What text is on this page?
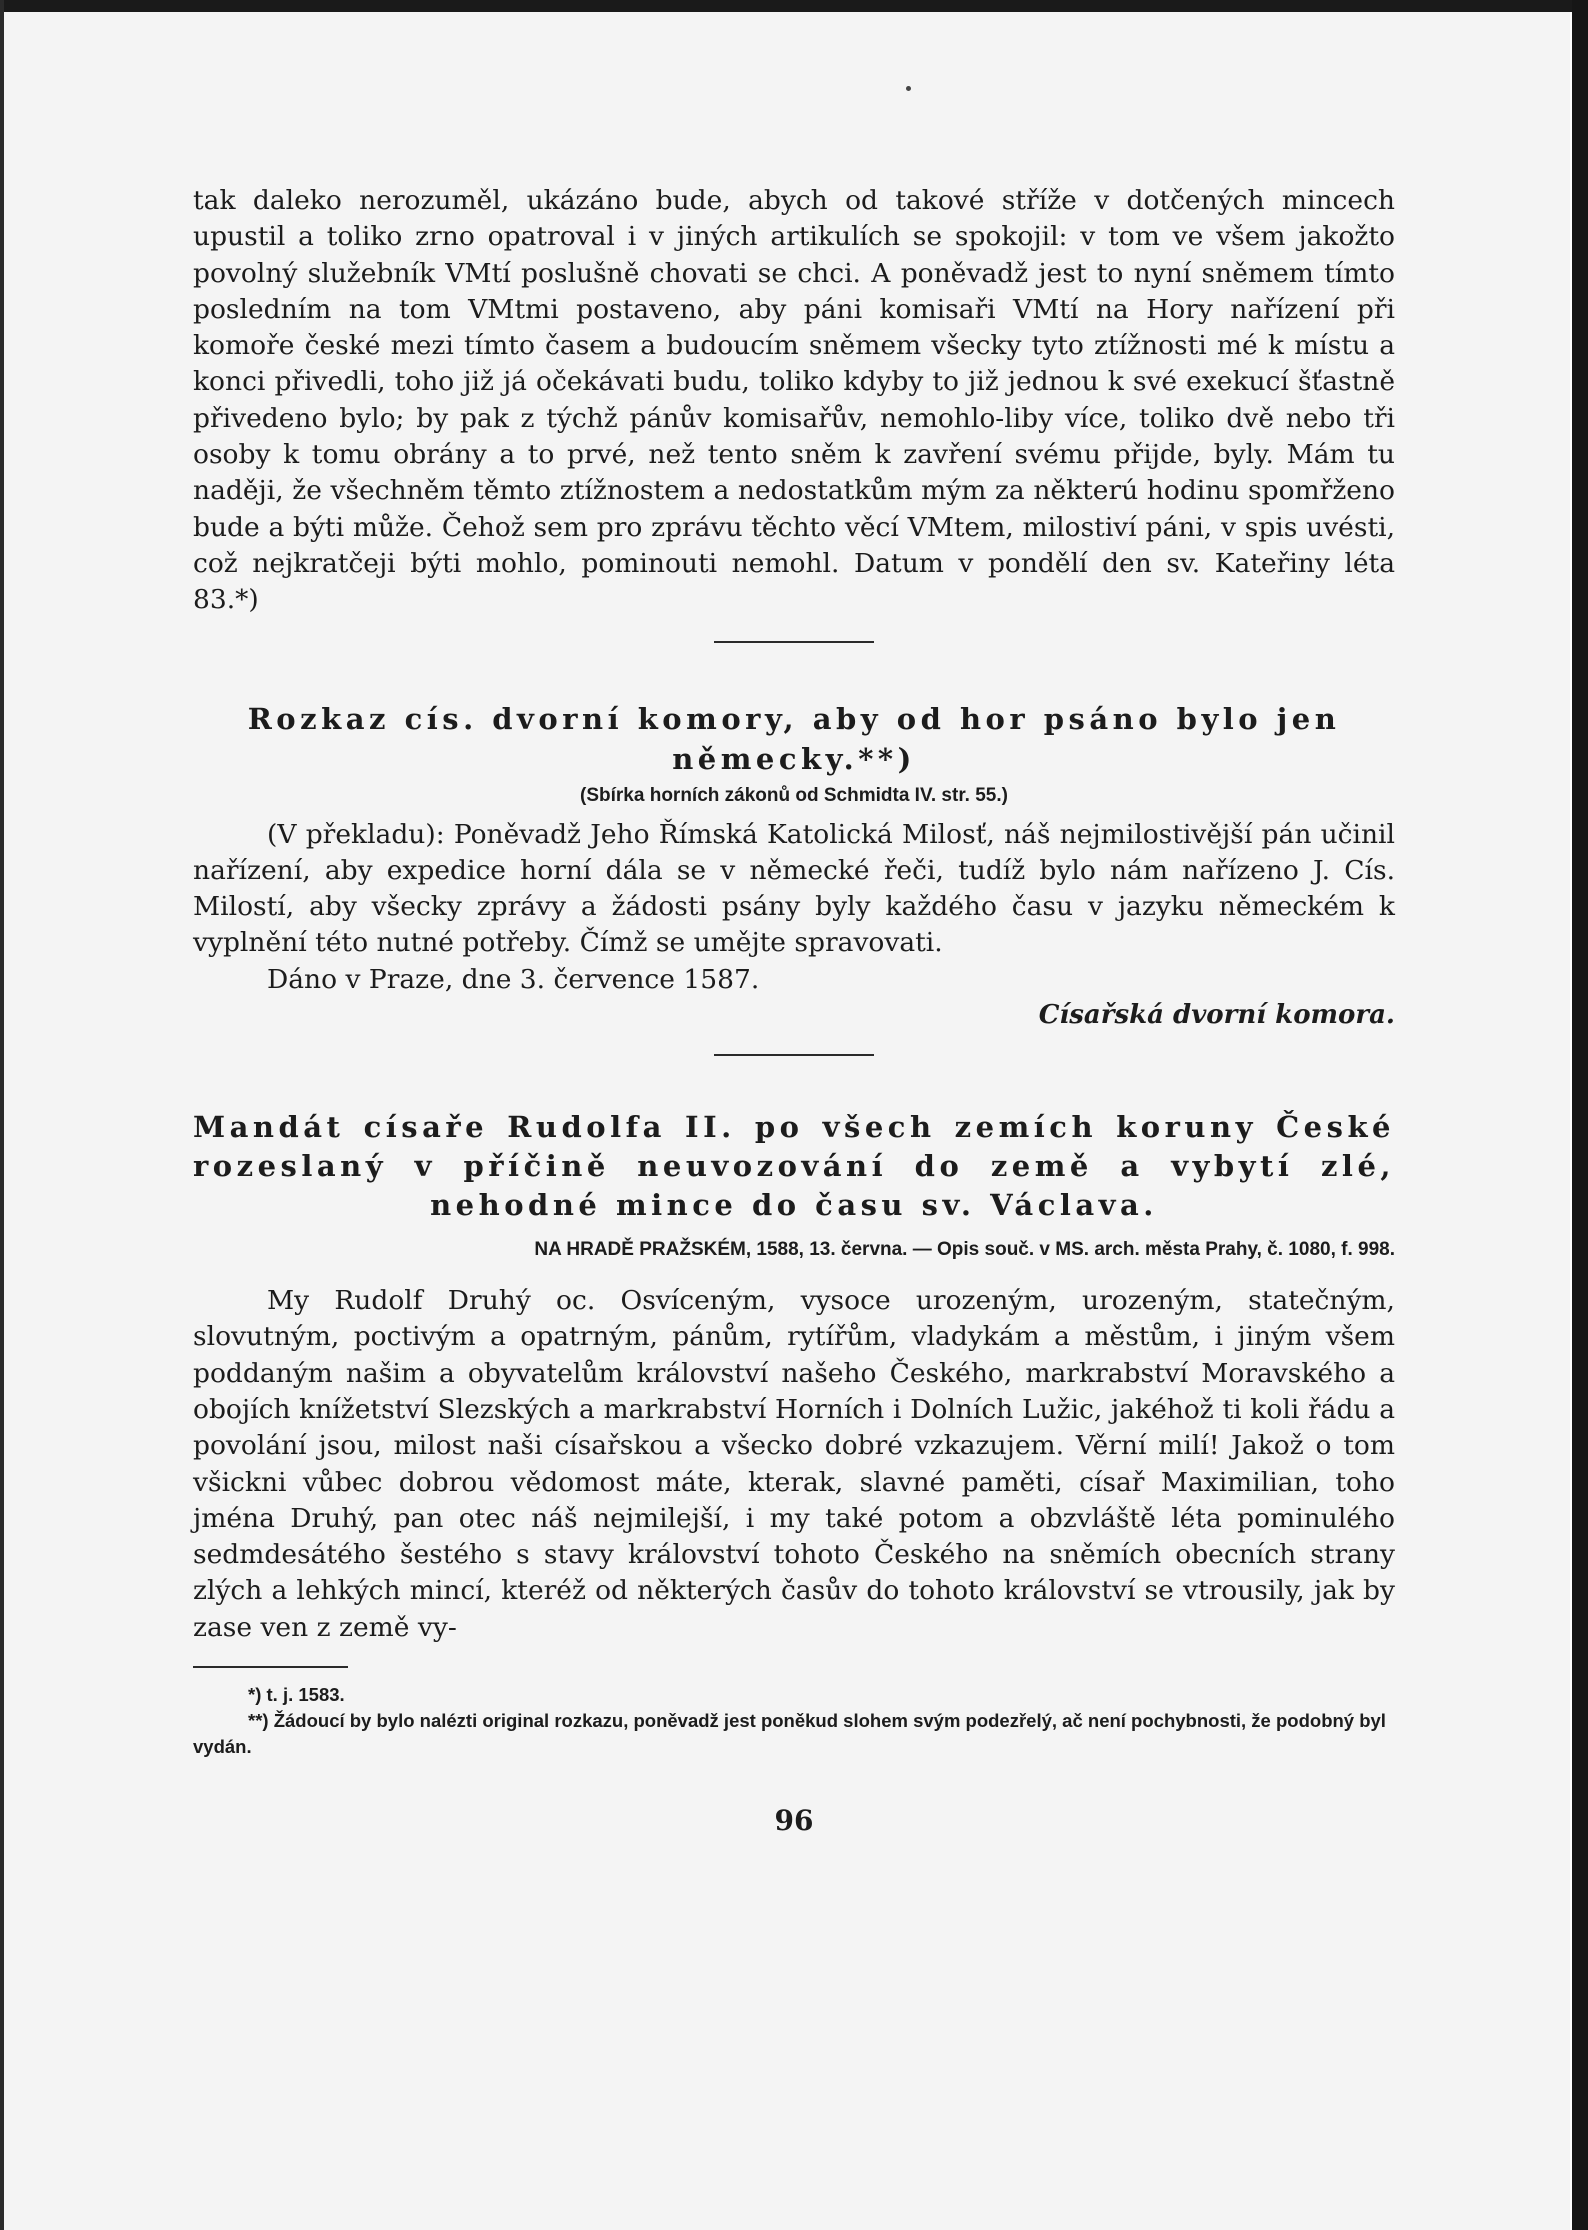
tak daleko nerozuměl, ukázáno bude, abych od takové stříže v dotčených mincech upustil a toliko zrno opatroval i v jiných artikulích se spokojil: v tom ve všem jakožto povolný služebník VMtí poslušně chovati se chci. A poněvadž jest to nyní sněmem tímto posledním na tom VMtmi postaveno, aby páni komisaři VMtí na Hory nařízení při komoře české mezi tímto časem a budoucím sněmem všecky tyto ztížnosti mé k místu a konci přivedli, toho již já očekávati budu, toliko kdyby to již jednou k své exekucí šťastně přivedeno bylo; by pak z týchž pánův komisařův, nemohlo-liby více, toliko dvě nebo tři osoby k tomu obrány a to prvé, než tento sněm k zavření svému přijde, byly. Mám tu naději, že všechněm těmto ztížnostem a nedostatkům mým za některú hodinu spomřženo bude a býti může. Čehož sem pro zprávu těchto věcí VMtem, milostiví páni, v spis uvésti, což nejkratčeji býti mohlo, pominouti nemohl. Datum v pondělí den sv. Kateřiny léta 83.*)

Rozkaz cís. dvorní komory, aby od hor psáno bylo jen německy.**)
(Sbírka horních zákonů od Schmidta IV. str. 55.)

(V překladu): Poněvadž Jeho Římská Katolická Milosť, náš nejmilostivější pán učinil nařízení, aby expedice horní dála se v německé řeči, tudíž bylo nám nařízeno J. Cís. Milostí, aby všecky zprávy a žádosti psány byly každého času v jazyku německém k vyplnění této nutné potřeby. Čímž se umějte spravovati.

Dáno v Praze, dne 3. července 1587.

Císařská dvorní komora.
Mandát císaře Rudolfa II. po všech zemích koruny České rozeslaný v příčině neuvozování do země a vybytí zlé, nehodné mince do času sv. Václava.
NA HRADĚ PRAŽSKÉM, 1588, 13. června. — Opis souč. v MS. arch. města Prahy, č. 1080, f. 998.

My Rudolf Druhý oc. Osvíceným, vysoce urozeným, urozeným, statečným, slovutným, poctivým a opatrným, pánům, rytířům, vladykám a městům, i jiným všem poddaným našim a obyvatelům království našeho Českého, markrabství Moravského a obojích knížetství Slezských a markrabství Horních i Dolních Lužic, jakéhož ti koli řádu a povolání jsou, milost naši císařskou a všecko dobré vzkazujem. Věrní milí! Jakož o tom všickni vůbec dobrou vědomost máte, kterak, slavné paměti, císař Maximilian, toho jména Druhý, pan otec náš nejmilejší, i my také potom a obzvláště léta pominulého sedmdesátého šestého s stavy království tohoto Českého na sněmích obecních strany zlých a lehkých mincí, kteréž od některých časův do tohoto království se vtrousily, jak by zase ven z země vy-

*) t. j. 1583.

**) Žádoucí by bylo nalézti original rozkazu, poněvadž jest poněkud slohem svým podezřelý, ač není pochybnosti, že podobný byl vydán.

96
